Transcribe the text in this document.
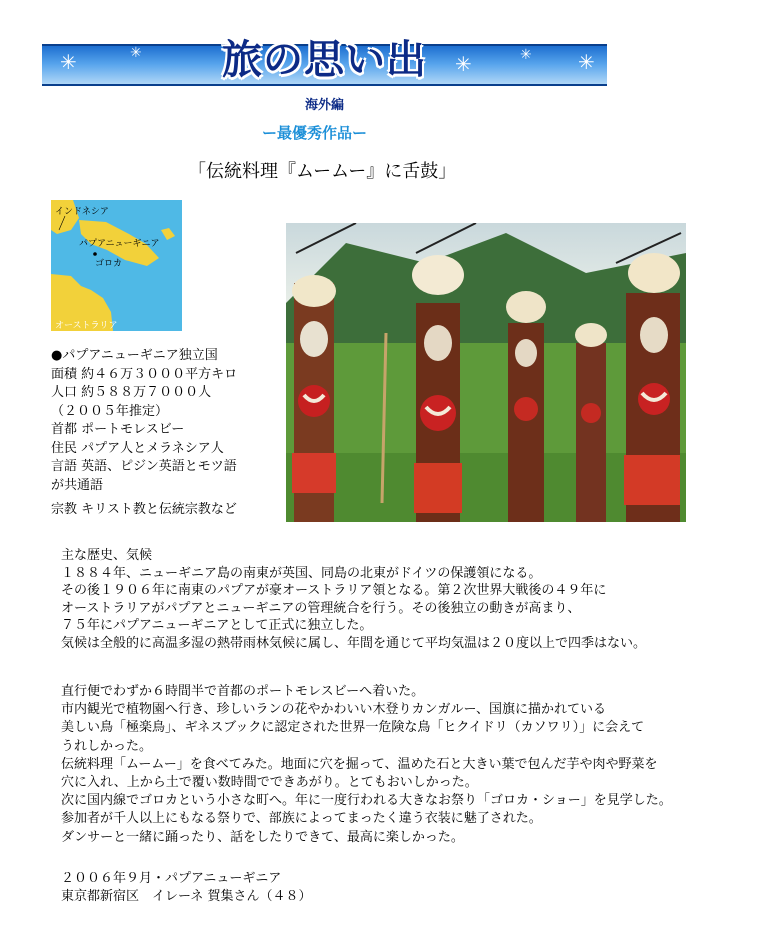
✳	✳	✳	✳ ✳
旅の思い出
海外編
ー最優秀作品ー
「伝統料理『ムームー』に舌鼓」
インドネシア
パプアニューギニア
ゴロカ
オーストラリア
●パプアニューギニア独立国
面積 約４６万３０００平方キロ
人口 約５８８万７０００人
（２００５年推定）
首都 ポートモレスビー
住民 パプア人とメラネシア人
言語 英語、ピジン英語とモツ語
が共通語
宗教 キリスト教と伝統宗教など
主な歴史、気候
１８８４年、ニューギニア島の南東が英国、同島の北東がドイツの保護領になる。
その後１９０６年に南東のパプアが豪オーストラリア領となる。第２次世界大戦後の４９年に
オーストラリアがパプアとニューギニアの管理統合を行う。その後独立の動きが高まり、
７５年にパプアニューギニアとして正式に独立した。
気候は全般的に高温多湿の熱帯雨林気候に属し、年間を通じて平均気温は２０度以上で四季はない。
直行便でわずか６時間半で首都のポートモレスビーへ着いた。
市内観光で植物園へ行き、珍しいランの花やかわいい木登りカンガルー、国旗に描かれている
美しい鳥「極楽鳥」、ギネスブックに認定された世界一危険な鳥「ヒクイドリ（カソワリ）」に会えて
うれしかった。
伝統料理「ムームー」を食べてみた。地面に穴を掘って、温めた石と大きい葉で包んだ芋や肉や野菜を
穴に入れ、上から土で覆い数時間でできあがり。とてもおいしかった。
次に国内線でゴロカという小さな町へ。年に一度行われる大きなお祭り「ゴロカ・ショー」を見学した。
参加者が千人以上にもなる祭りで、部族によってまったく違う衣装に魅了された。
ダンサーと一緒に踊ったり、話をしたりできて、最高に楽しかった。
２００６年９月・パプアニューギニア
東京都新宿区　イレーネ 賀集さん（４８）
